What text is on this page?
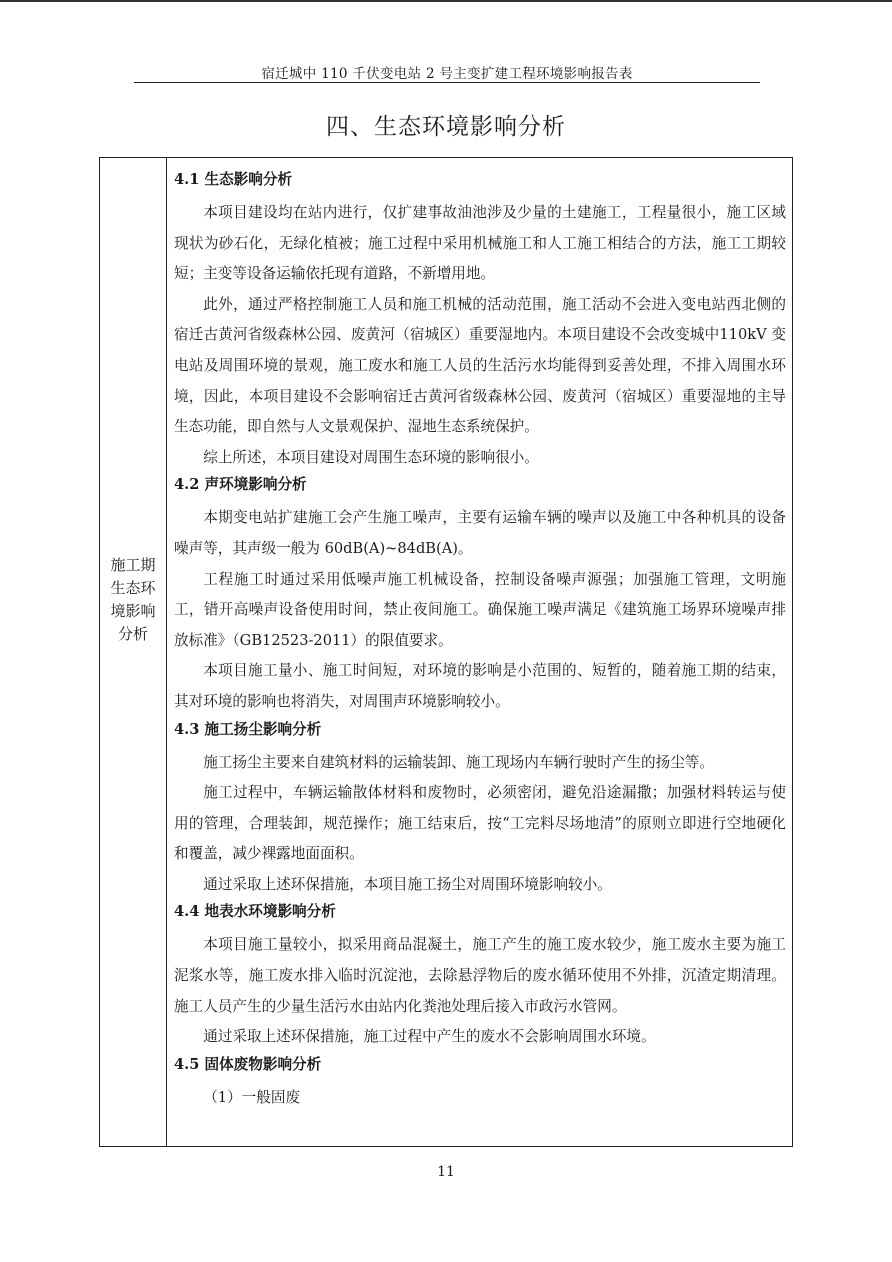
宿迁城中 110 千伏变电站 2 号主变扩建工程环境影响报告表
四、生态环境影响分析
施工期
生态环
境影响
分析
4.1 生态影响分析

本项目建设均在站内进行，仅扩建事故油池涉及少量的土建施工，工程量很小，施工区域现状为砂石化，无绿化植被；施工过程中采用机械施工和人工施工相结合的方法，施工工期较短；主变等设备运输依托现有道路，不新增用地。

此外，通过严格控制施工人员和施工机械的活动范围，施工活动不会进入变电站西北侧的宿迁古黄河省级森林公园、废黄河（宿城区）重要湿地内。本项目建设不会改变城中110kV 变电站及周围环境的景观，施工废水和施工人员的生活污水均能得到妥善处理，不排入周围水环境，因此，本项目建设不会影响宿迁古黄河省级森林公园、废黄河（宿城区）重要湿地的主导生态功能，即自然与人文景观保护、湿地生态系统保护。

综上所述，本项目建设对周围生态环境的影响很小。

4.2 声环境影响分析

本期变电站扩建施工会产生施工噪声，主要有运输车辆的噪声以及施工中各种机具的设备噪声等，其声级一般为 60dB(A)~84dB(A)。

工程施工时通过采用低噪声施工机械设备，控制设备噪声源强；加强施工管理，文明施工，错开高噪声设备使用时间，禁止夜间施工。确保施工噪声满足《建筑施工场界环境噪声排放标准》（GB12523-2011）的限值要求。

本项目施工量小、施工时间短，对环境的影响是小范围的、短暂的，随着施工期的结束，其对环境的影响也将消失，对周围声环境影响较小。

4.3 施工扬尘影响分析

施工扬尘主要来自建筑材料的运输装卸、施工现场内车辆行驶时产生的扬尘等。

施工过程中，车辆运输散体材料和废物时，必须密闭，避免沿途漏撒；加强材料转运与使用的管理，合理装卸，规范操作；施工结束后，按“工完料尽场地清”的原则立即进行空地硬化和覆盖，减少裸露地面面积。

通过采取上述环保措施，本项目施工扬尘对周围环境影响较小。

4.4 地表水环境影响分析

本项目施工量较小，拟采用商品混凝土，施工产生的施工废水较少，施工废水主要为施工泥浆水等，施工废水排入临时沉淀池，去除悬浮物后的废水循环使用不外排，沉渣定期清理。施工人员产生的少量生活污水由站内化粪池处理后接入市政污水管网。

通过采取上述环保措施，施工过程中产生的废水不会影响周围水环境。

4.5 固体废物影响分析
（1）一般固废
11
